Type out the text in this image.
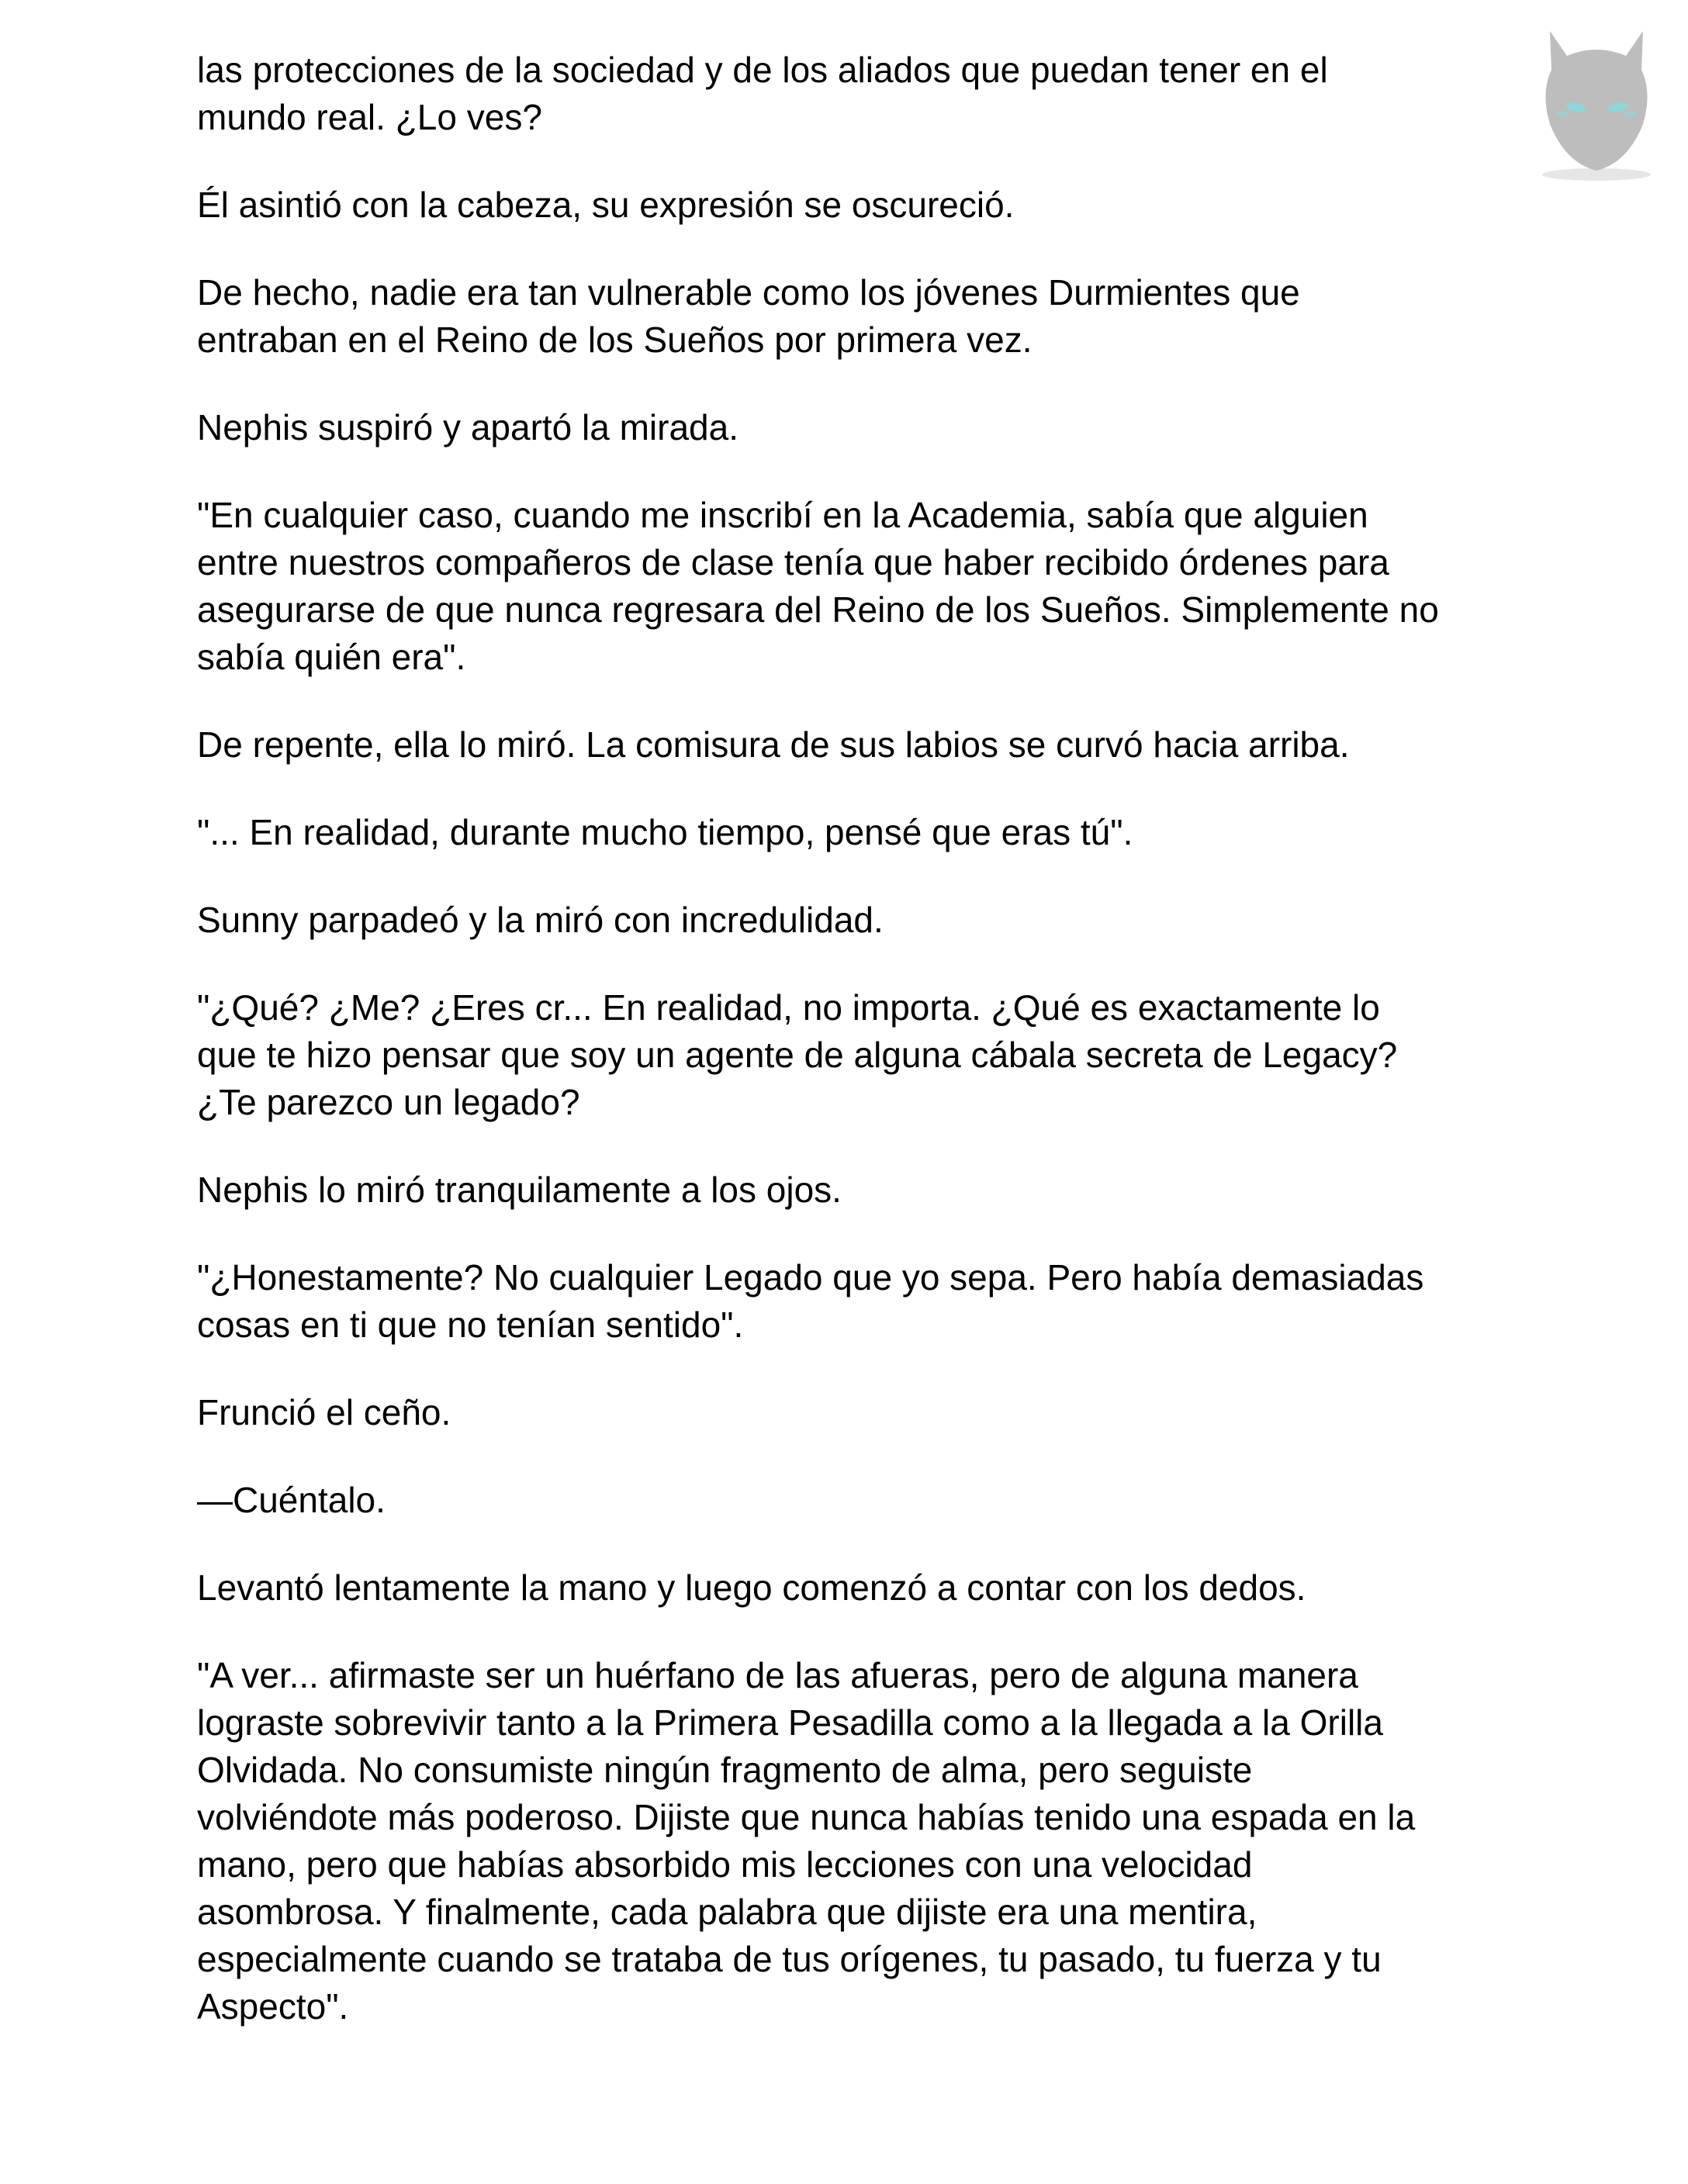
las protecciones de la sociedad y de los aliados que puedan tener en el
mundo real. ¿Lo ves?

Él asintió con la cabeza, su expresión se oscureció.

De hecho, nadie era tan vulnerable como los jóvenes Durmientes que
entraban en el Reino de los Sueños por primera vez.

Nephis suspiró y apartó la mirada.

"En cualquier caso, cuando me inscribí en la Academia, sabía que alguien
entre nuestros compañeros de clase tenía que haber recibido órdenes para
asegurarse de que nunca regresara del Reino de los Sueños. Simplemente no
sabía quién era".

De repente, ella lo miró. La comisura de sus labios se curvó hacia arriba.

"... En realidad, durante mucho tiempo, pensé que eras tú".

Sunny parpadeó y la miró con incredulidad.

"¿Qué? ¿Me? ¿Eres cr... En realidad, no importa. ¿Qué es exactamente lo
que te hizo pensar que soy un agente de alguna cábala secreta de Legacy?
¿Te parezco un legado?

Nephis lo miró tranquilamente a los ojos.

"¿Honestamente? No cualquier Legado que yo sepa. Pero había demasiadas
cosas en ti que no tenían sentido".

Frunció el ceño.

—Cuéntalo.

Levantó lentamente la mano y luego comenzó a contar con los dedos.

"A ver... afirmaste ser un huérfano de las afueras, pero de alguna manera
lograste sobrevivir tanto a la Primera Pesadilla como a la llegada a la Orilla
Olvidada. No consumiste ningún fragmento de alma, pero seguiste
volviéndote más poderoso. Dijiste que nunca habías tenido una espada en la
mano, pero que habías absorbido mis lecciones con una velocidad
asombrosa. Y finalmente, cada palabra que dijiste era una mentira,
especialmente cuando se trataba de tus orígenes, tu pasado, tu fuerza y tu
Aspecto".
